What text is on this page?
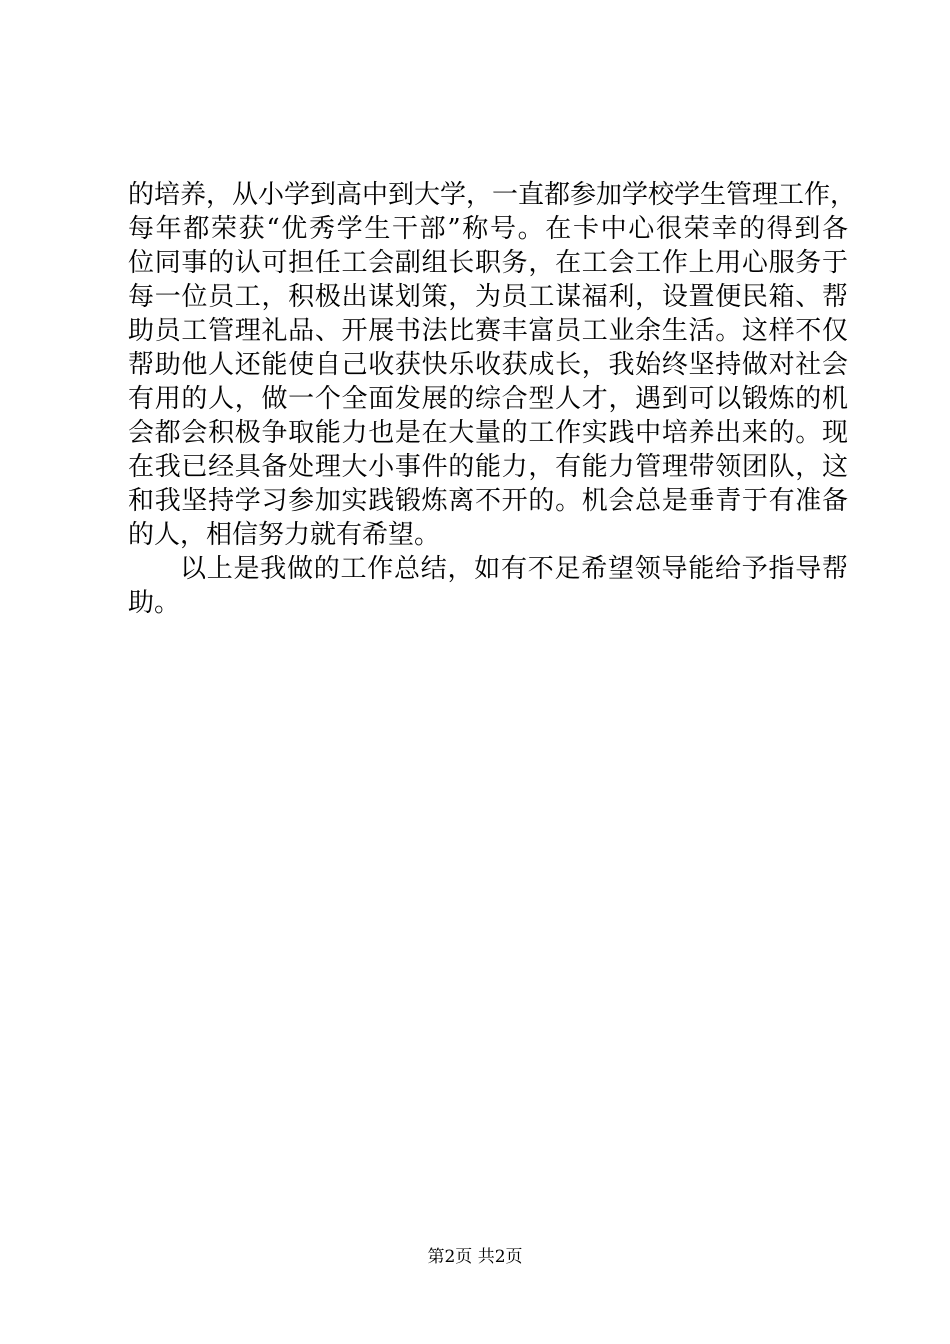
的培养，从小学到高中到大学，一直都参加学校学生管理工作，
每年都荣获“优秀学生干部”称号。在卡中心很荣幸的得到各
位同事的认可担任工会副组长职务，在工会工作上用心服务于
每一位员工，积极出谋划策，为员工谋福利，设置便民箱、帮
助员工管理礼品、开展书法比赛丰富员工业余生活。这样不仅
帮助他人还能使自己收获快乐收获成长，我始终坚持做对社会
有用的人，做一个全面发展的综合型人才，遇到可以锻炼的机
会都会积极争取能力也是在大量的工作实践中培养出来的。现
在我已经具备处理大小事件的能力，有能力管理带领团队，这
和我坚持学习参加实践锻炼离不开的。机会总是垂青于有准备
的人，相信努力就有希望。
以上是我做的工作总结，如有不足希望领导能给予指导帮
助。
第2页 共2页
